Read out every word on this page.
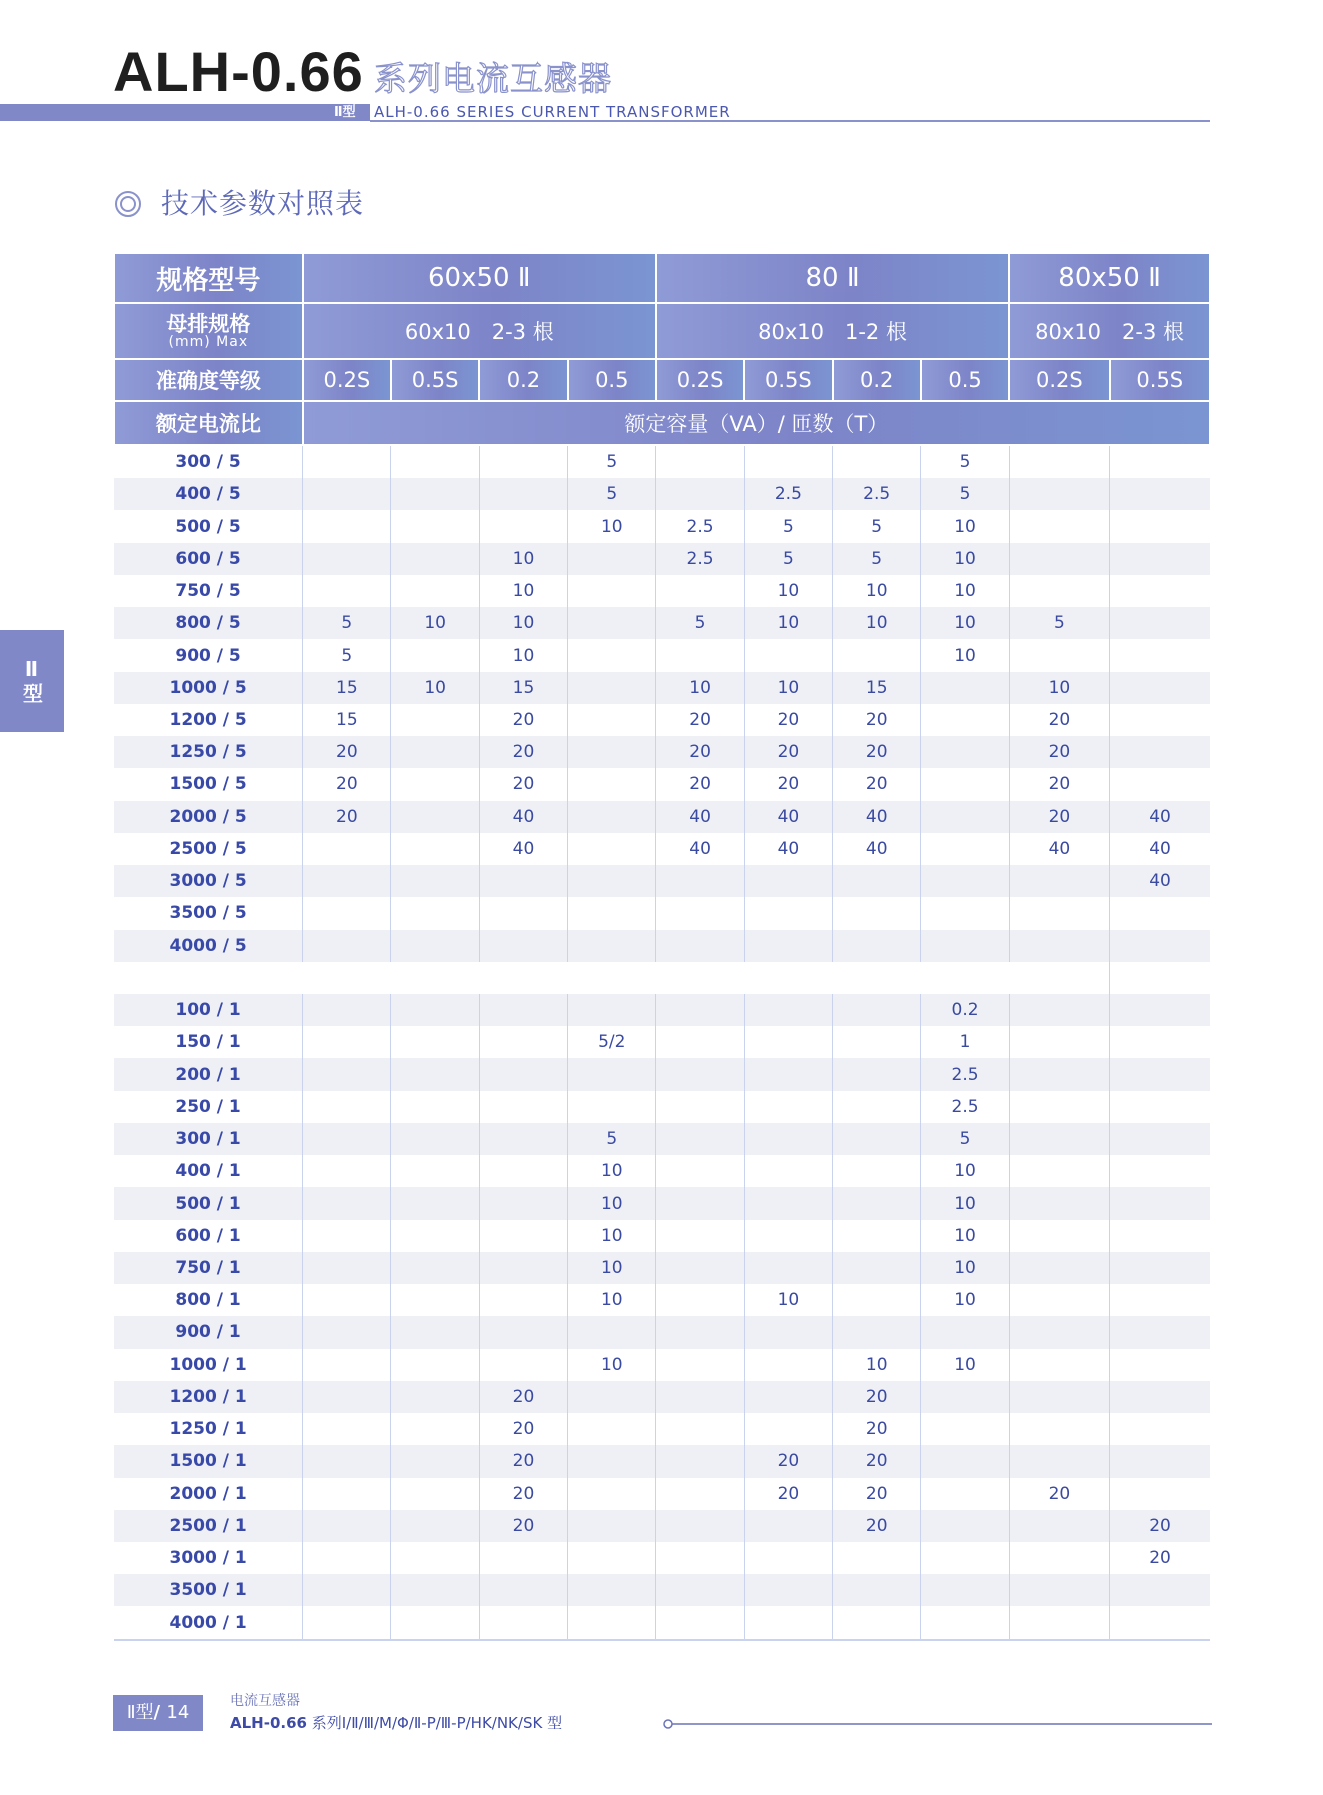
ALH-0.66 系列电流互感器
Ⅱ型 ALH-0.66 SERIES CURRENT TRANSFORMER
技术参数对照表
Ⅱ型
规格型号	60x50 Ⅱ				80 Ⅱ				80x50 Ⅱ	
母排规格
(mm) Max	60x10　2-3 根				80x10　1-2 根				80x10　2-3 根	
准确度等级	0.2S	0.5S	0.2	0.5	0.2S	0.5S	0.2	0.5	0.2S	0.5S
额定电流比	额定容量（VA）/ 匝数（T）									
300 / 5				5				5		
400 / 5				5		2.5	2.5	5		
500 / 5				10	2.5	5	5	10		
600 / 5			10		2.5	5	5	10		
750 / 5			10			10	10	10		
800 / 5	5	10	10		5	10	10	10	5	
900 / 5	5		10					10		
1000 / 5	15	10	15		10	10	15		10	
1200 / 5	15		20		20	20	20		20	
1250 / 5	20		20		20	20	20		20	
1500 / 5	20		20		20	20	20		20	
2000 / 5	20		40		40	40	40		20	40
2500 / 5			40		40	40	40		40	40
3000 / 5										40
3500 / 5										
4000 / 5										

100 / 1								0.2		
150 / 1				5/2				1		
200 / 1								2.5		
250 / 1								2.5		
300 / 1				5				5		
400 / 1				10				10		
500 / 1				10				10		
600 / 1				10				10		
750 / 1				10				10		
800 / 1				10		10		10		
900 / 1										
1000 / 1				10			10	10		
1200 / 1			20				20			
1250 / 1			20				20			
1500 / 1			20			20	20			
2000 / 1			20			20	20		20	
2500 / 1			20				20			20
3000 / 1										20
3500 / 1										
4000 / 1										
Ⅱ型/ 14
电流互感器
ALH-0.66 系列Ⅰ/Ⅱ/Ⅲ/M/Φ/Ⅱ-P/Ⅲ-P/HK/NK/SK 型
